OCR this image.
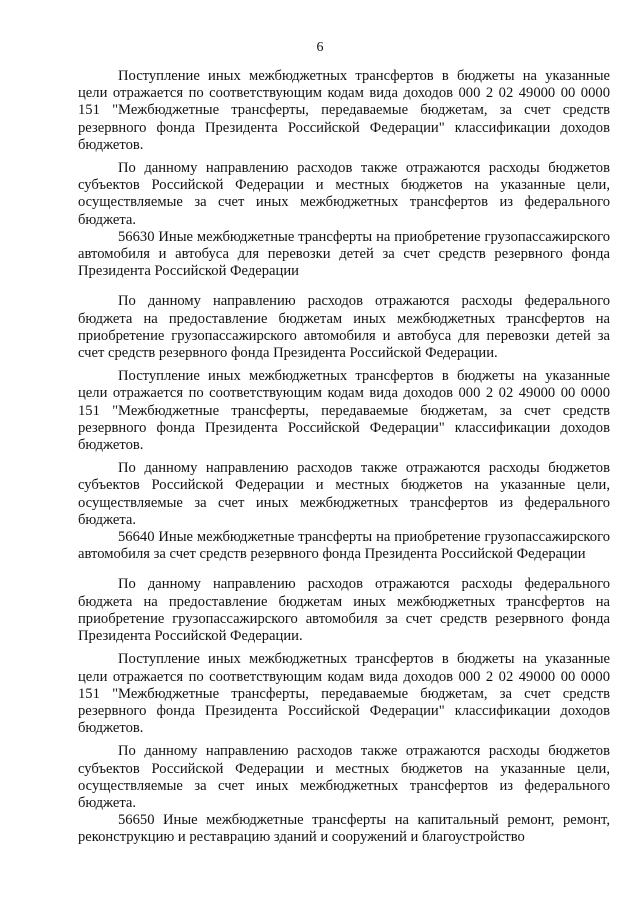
6

Поступление иных межбюджетных трансфертов в бюджеты на указанные цели отражается по соответствующим кодам вида доходов 000 2 02 49000 00 0000 151 "Межбюджетные трансферты, передаваемые бюджетам, за счет средств резервного фонда Президента Российской Федерации" классификации доходов бюджетов.

По данному направлению расходов также отражаются расходы бюджетов субъектов Российской Федерации и местных бюджетов на указанные цели, осуществляемые за счет иных межбюджетных трансфертов из федерального бюджета.

56630 Иные межбюджетные трансферты на приобретение грузопассажирского автомобиля и автобуса для перевозки детей за счет средств резервного фонда Президента Российской Федерации

По данному направлению расходов отражаются расходы федерального бюджета на предоставление бюджетам иных межбюджетных трансфертов на приобретение грузопассажирского автомобиля и автобуса для перевозки детей за счет средств резервного фонда Президента Российской Федерации.

Поступление иных межбюджетных трансфертов в бюджеты на указанные цели отражается по соответствующим кодам вида доходов 000 2 02 49000 00 0000 151 "Межбюджетные трансферты, передаваемые бюджетам, за счет средств резервного фонда Президента Российской Федерации" классификации доходов бюджетов.

По данному направлению расходов также отражаются расходы бюджетов субъектов Российской Федерации и местных бюджетов на указанные цели, осуществляемые за счет иных межбюджетных трансфертов из федерального бюджета.

56640 Иные межбюджетные трансферты на приобретение грузопассажирского автомобиля за счет средств резервного фонда Президента Российской Федерации

По данному направлению расходов отражаются расходы федерального бюджета на предоставление бюджетам иных межбюджетных трансфертов на приобретение грузопассажирского автомобиля за счет средств резервного фонда Президента Российской Федерации.

Поступление иных межбюджетных трансфертов в бюджеты на указанные цели отражается по соответствующим кодам вида доходов 000 2 02 49000 00 0000 151 "Межбюджетные трансферты, передаваемые бюджетам, за счет средств резервного фонда Президента Российской Федерации" классификации доходов бюджетов.

По данному направлению расходов также отражаются расходы бюджетов субъектов Российской Федерации и местных бюджетов на указанные цели, осуществляемые за счет иных межбюджетных трансфертов из федерального бюджета.

56650 Иные межбюджетные трансферты на капитальный ремонт, ремонт, реконструкцию и реставрацию зданий и сооружений и благоустройство
